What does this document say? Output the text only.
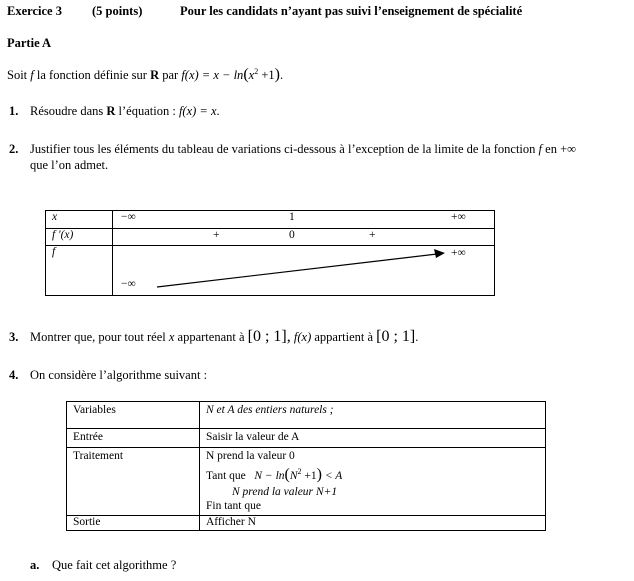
Exercice 3 (5 points)	Pour les candidats n’ayant pas suivi l’enseignement de spécialité
Partie A
Soit f la fonction définie sur R par $f(x) = x - \ln(x^2 +1)$.
1. Résoudre dans R l’équation : f(x) = x.
2. Justifier tous les éléments du tableau de variations ci-dessous à l’exception de la limite de la fonction f en +∞
que l’on admet.
x	−∞ 1 +∞

f ′(x)	+ 0 +

f	−∞
+∞
3. Montrer que, pour tout réel x appartenant à [0 ; 1], f(x) appartient à [0 ; 1].
4. On considère l’algorithme suivant :
Variables	N et A des entiers naturels ;
Entrée	Saisir la valeur de A
Traitement	N prend la valeur 0
Tant que $N - \ln(N^2 +1) < A$
N prend la valeur N+1
Fin tant que

Sortie	Afficher N
a. Que fait cet algorithme ?
